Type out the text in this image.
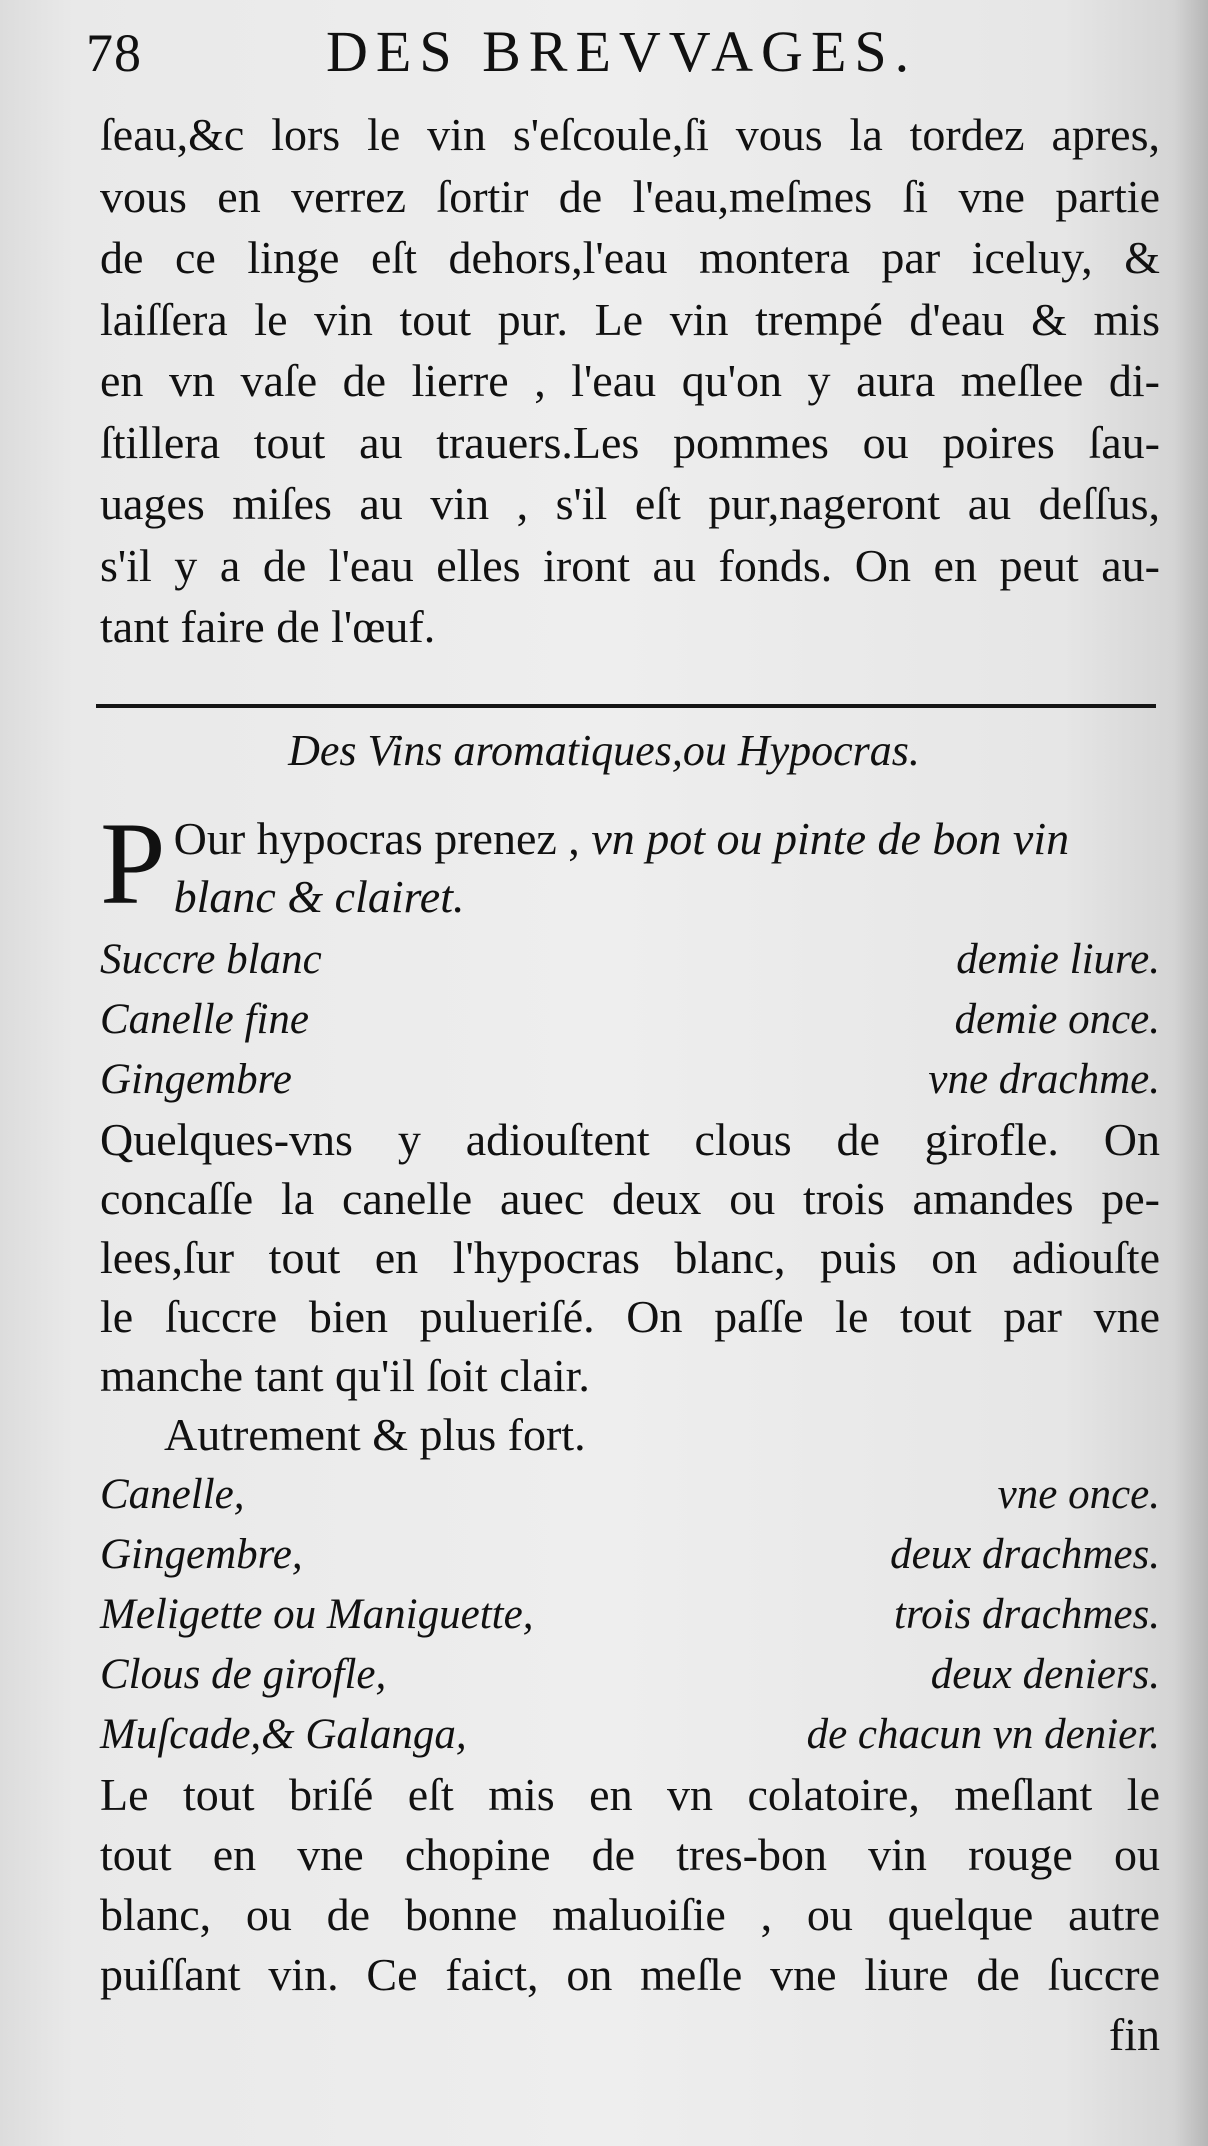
78	DES BREVVAGES.

ſeau,&c lors le vin s'eſcoule,ſi vous la tordez apres,
vous en verrez ſortir de l'eau,meſmes ſi vne partie
de ce linge eſt dehors,l'eau montera par iceluy, &
laiſſera le vin tout pur. Le vin trempé d'eau & mis
en vn vaſe de lierre , l'eau qu'on y aura meſlee di-
ſtillera tout au trauers.Les pommes ou poires ſau-
uages miſes au vin , s'il eſt pur,nageront au deſſus,
s'il y a de l'eau elles iront au fonds. On en peut au-
tant faire de l'œuf.

Des Vins aromatiques,ou Hypocras.
P Our hypocras prenez , vn pot ou pinte de bon vin
blanc & clairet.
Succre blanc	demie liure.
Canelle fine	demie once.
Gingembre	vne drachme.

Quelques-vns y adiouſtent clous de girofle. On
concaſſe la canelle auec deux ou trois amandes pe-
lees,ſur tout en l'hypocras blanc, puis on adiouſte
le ſuccre bien pulueriſé. On paſſe le tout par vne
manche tant qu'il ſoit clair.

Autrement & plus fort.
Canelle,	vne once.
Gingembre,	deux drachmes.
Meligette ou Maniguette,	trois drachmes.
Clous de girofle,	deux deniers.
Muſcade,& Galanga,	de chacun vn denier.

Le tout briſé eſt mis en vn colatoire, meſlant le
tout en vne chopine de tres-bon vin rouge ou
blanc, ou de bonne maluoiſie , ou quelque autre
puiſſant vin. Ce faict, on meſle vne liure de ſuccre

fin
